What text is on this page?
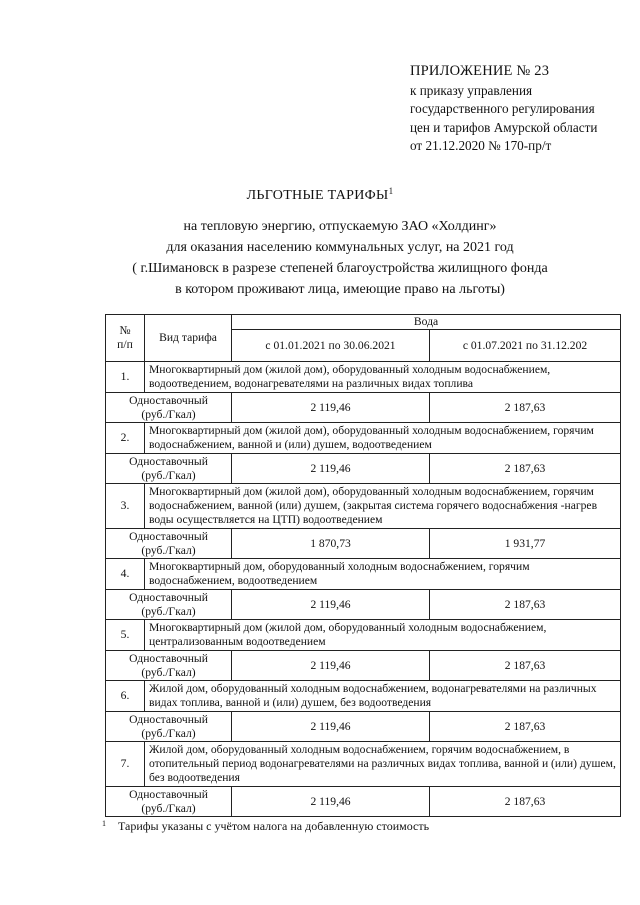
ПРИЛОЖЕНИЕ № 23
к приказу управления
государственного регулирования
цен и тарифов Амурской области
от 21.12.2020 № 170-пр/т
ЛЬГОТНЫЕ ТАРИФЫ$^1$
на тепловую энергию, отпускаемую ЗАО «Холдинг»
для оказания населению коммунальных услуг, на 2021 год
( г.Шимановск в разрезе степеней благоустройства жилищного фонда
в котором проживают лица, имеющие право на льготы)
№
п/п	Вид тарифа	Вода	
		с 01.01.2021 по 30.06.2021	с 01.07.2021 по 31.12.202
1.	Многоквартирный дом (жилой дом), оборудованный холодным водоснабжением, водоотведением, водонагревателями на различных видах топлива		
Одноставочный
(руб./Гкал)		2 119,46	2 187,63
2.	Многоквартирный дом (жилой дом), оборудованный холодным водоснабжением, горячим водоснабжением, ванной и (или) душем, водоотведением		
Одноставочный
(руб./Гкал)		2 119,46	2 187,63
3.	Многоквартирный дом (жилой дом), оборудованный холодным водоснабжением, горячим водоснабжением, ванной (или) душем, (закрытая система горячего водоснабжения -нагрев воды осуществляется на ЦТП) водоотведением		
Одноставочный
(руб./Гкал)		1 870,73	1 931,77
4.	Многоквартирный дом, оборудованный холодным водоснабжением, горячим водоснабжением, водоотведением		
Одноставочный
(руб./Гкал)		2 119,46	2 187,63
5.	Многоквартирный дом (жилой дом, оборудованный холодным водоснабжением, централизованным водоотведением		
Одноставочный
(руб./Гкал)		2 119,46	2 187,63
6.	Жилой дом, оборудованный холодным водоснабжением, водонагревателями на различных видах топлива, ванной и (или) душем, без водоотведения		
Одноставочный
(руб./Гкал)		2 119,46	2 187,63
7.	Жилой дом, оборудованный холодным водоснабжением, горячим водоснабжением, в отопительный период водонагревателями на различных видах топлива, ванной и (или) душем, без водоотведения		
Одноставочный
(руб./Гкал)		2 119,46	2 187,63
$^1$ Тарифы указаны с учётом налога на добавленную стоимость
